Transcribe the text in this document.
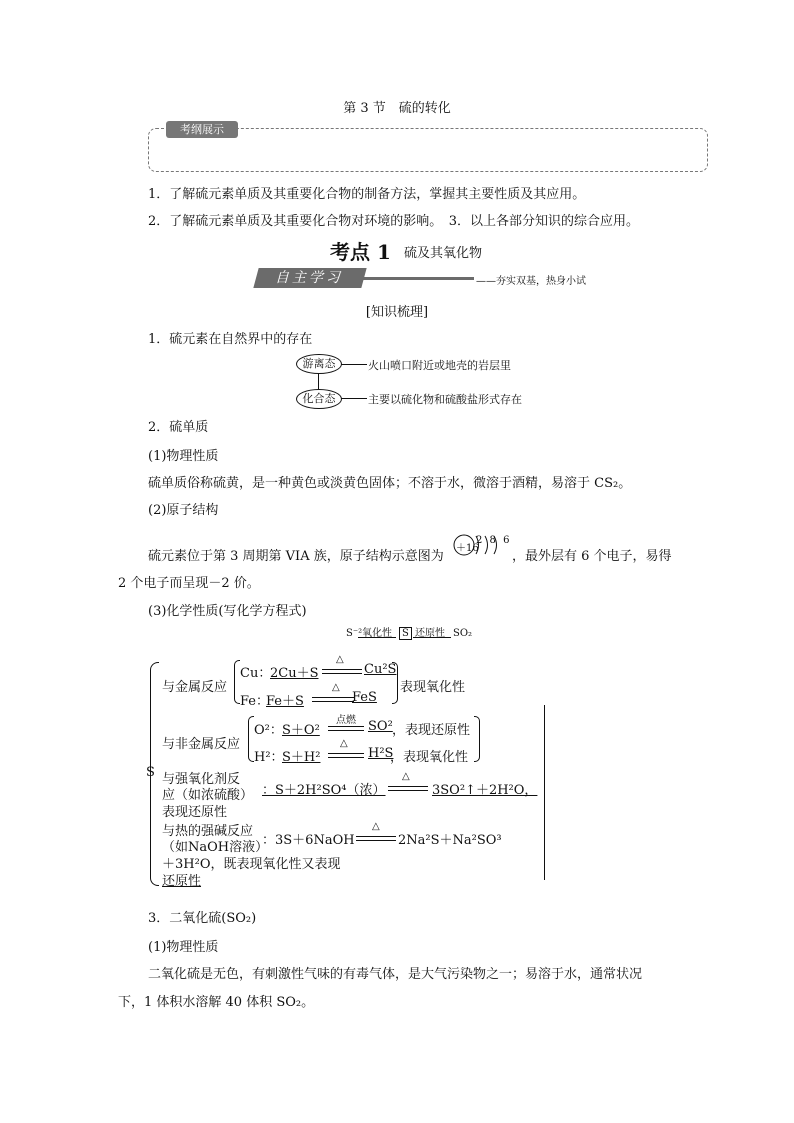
第 3 节　硫的转化
考纲展示
1．了解硫元素单质及其重要化合物的制备方法，掌握其主要性质及其应用。
2．了解硫元素单质及其重要化合物对环境的影响。　3．以上各部分知识的综合应用。
考点 1 硫及其氧化物
自主学习	——夯实双基，热身小试
[知识梳理]
1．硫元素在自然界中的存在
游离态	火山喷口附近或地壳的岩层里
化合态	主要以硫化物和硫酸盐形式存在
2．硫单质
(1)物理性质
硫单质俗称硫黄，是一种黄色或淡黄色固体；不溶于水，微溶于酒精，易溶于 CS₂。
(2)原子结构
硫元素位于第 3 周期第 VIA 族，原子结构示意图为
＋16
2 8 6
，最外层有 6 个电子，易得
2 个电子而呈现－2 价。
(3)化学性质(写化学方程式)
S⁻² 氧化性	S 还原性 SO₂
S
与金属反应
Cu：
2Cu＋S
△
Cu²S
Fe：
Fe＋S
△
FeS
表现氧化性
与非金属反应
O²： S＋O²
点燃 SO² ，表现还原性
H²：
S＋H²
△
H²S
，表现氧化性
与强氧化剂反
应（如浓硫酸） ：S＋2H²SO⁴（浓）
△
3SO²↑＋2H²O，
表现还原性
与热的强碱反应
（如NaOH溶液）
：3S＋6NaOH
△
2Na²S＋Na²SO³
＋3H²O，既表现氧化性又表现
还原性
3．二氧化硫(SO₂)
(1)物理性质
二氧化硫是无色，有刺激性气味的有毒气体，是大气污染物之一；易溶于水，通常状况
下，1 体积水溶解 40 体积 SO₂。
